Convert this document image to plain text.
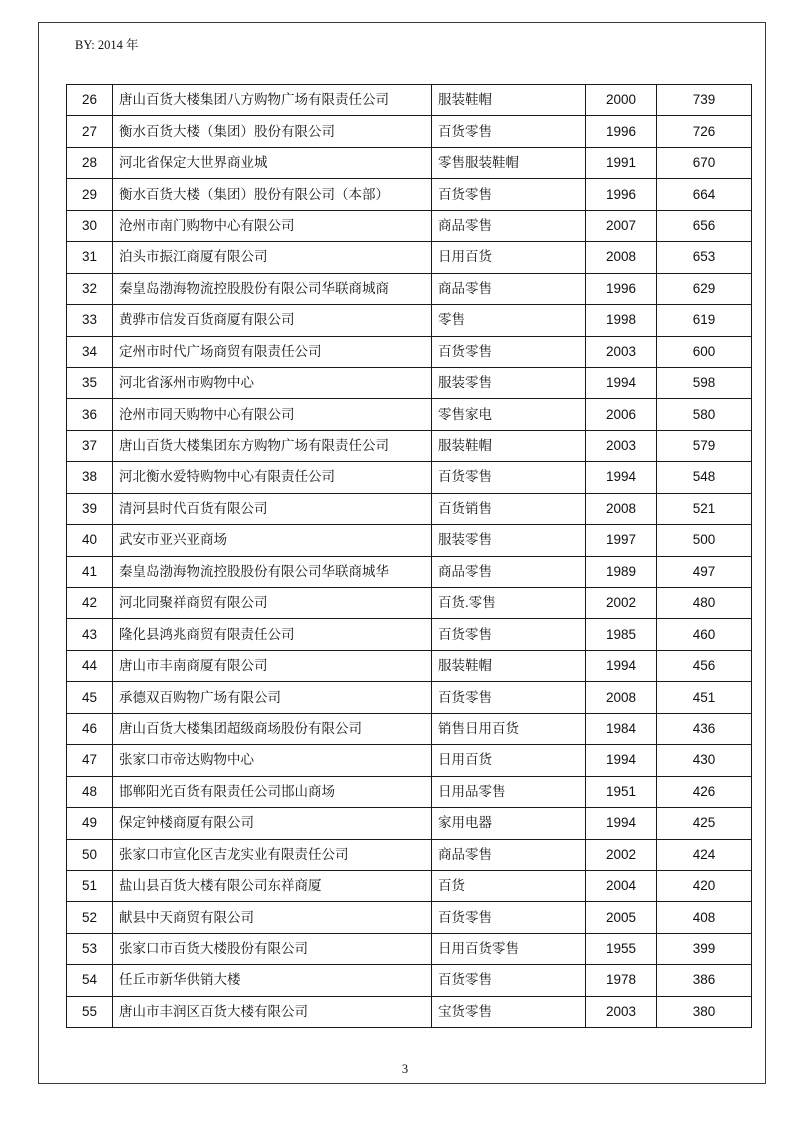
BY: 2014 年
26	唐山百货大楼集团八方购物广场有限责任公司	服装鞋帽	2000	739
27	衡水百货大楼（集团）股份有限公司	百货零售	1996	726
28	河北省保定大世界商业城	零售服装鞋帽	1991	670
29	衡水百货大楼（集团）股份有限公司（本部）	百货零售	1996	664
30	沧州市南门购物中心有限公司	商品零售	2007	656
31	泊头市振江商厦有限公司	日用百货	2008	653
32	秦皇岛渤海物流控股股份有限公司华联商城商	商品零售	1996	629
33	黄骅市信发百货商厦有限公司	零售	1998	619
34	定州市时代广场商贸有限责任公司	百货零售	2003	600
35	河北省涿州市购物中心	服装零售	1994	598
36	沧州市同天购物中心有限公司	零售家电	2006	580
37	唐山百货大楼集团东方购物广场有限责任公司	服装鞋帽	2003	579
38	河北衡水爱特购物中心有限责任公司	百货零售	1994	548
39	清河县时代百货有限公司	百货销售	2008	521
40	武安市亚兴亚商场	服装零售	1997	500
41	秦皇岛渤海物流控股股份有限公司华联商城华	商品零售	1989	497
42	河北同聚祥商贸有限公司	百货.零售	2002	480
43	隆化县鸿兆商贸有限责任公司	百货零售	1985	460
44	唐山市丰南商厦有限公司	服装鞋帽	1994	456
45	承德双百购物广场有限公司	百货零售	2008	451
46	唐山百货大楼集团超级商场股份有限公司	销售日用百货	1984	436
47	张家口市帝达购物中心	日用百货	1994	430
48	邯郸阳光百货有限责任公司邯山商场	日用品零售	1951	426
49	保定钟楼商厦有限公司	家用电器	1994	425
50	张家口市宣化区吉龙实业有限责任公司	商品零售	2002	424
51	盐山县百货大楼有限公司东祥商厦	百货	2004	420
52	献县中天商贸有限公司	百货零售	2005	408
53	张家口市百货大楼股份有限公司	日用百货零售	1955	399
54	任丘市新华供销大楼	百货零售	1978	386
55	唐山市丰润区百货大楼有限公司	宝货零售	2003	380
3
